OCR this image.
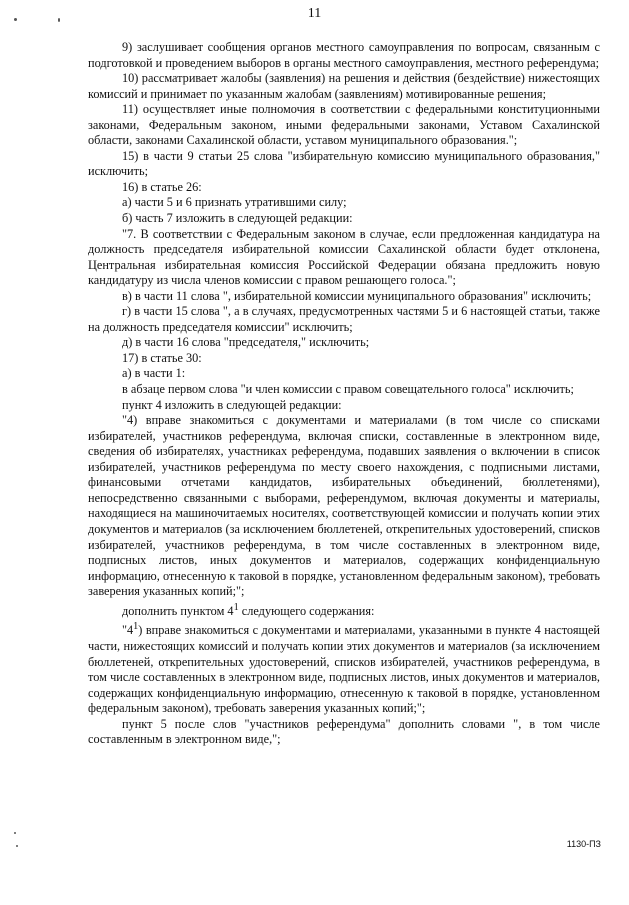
11

9) заслушивает сообщения органов местного самоуправления по вопросам, связанным с подготовкой и проведением выборов в органы местного самоуправления, местного референдума;

10) рассматривает жалобы (заявления) на решения и действия (бездействие) нижестоящих комиссий и принимает по указанным жалобам (заявлениям) мотивированные решения;

11) осуществляет иные полномочия в соответствии с федеральными конституционными законами, Федеральным законом, иными федеральными законами, Уставом Сахалинской области, законами Сахалинской области, уставом муниципального образования.";

15) в части 9 статьи 25 слова "избирательную комиссию муниципального образования," исключить;

16) в статье 26:

а) части 5 и 6 признать утратившими силу;

б) часть 7 изложить в следующей редакции:

"7. В соответствии с Федеральным законом в случае, если предложенная кандидатура на должность председателя избирательной комиссии Сахалинской области будет отклонена, Центральная избирательная комиссия Российской Федерации обязана предложить новую кандидатуру из числа членов комиссии с правом решающего голоса.";

в) в части 11 слова ", избирательной комиссии муниципального образования" исключить;

г) в части 15 слова ", а в случаях, предусмотренных частями 5 и 6 настоящей статьи, также на должность председателя комиссии" исключить;

д) в части 16 слова "председателя," исключить;

17) в статье 30:

а) в части 1:

в абзаце первом слова "и член комиссии с правом совещательного голоса" исключить;

пункт 4 изложить в следующей редакции:

"4) вправе знакомиться с документами и материалами (в том числе со списками избирателей, участников референдума, включая списки, составленные в электронном виде, сведения об избирателях, участниках референдума, подавших заявления о включении в список избирателей, участников референдума по месту своего нахождения, с подписными листами, финансовыми отчетами кандидатов, избирательных объединений, бюллетенями), непосредственно связанными с выборами, референдумом, включая документы и материалы, находящиеся на машиночитаемых носителях, соответствующей комиссии и получать копии этих документов и материалов (за исключением бюллетеней, открепительных удостоверений, списков избирателей, участников референдума, в том числе составленных в электронном виде, подписных листов, иных документов и материалов, содержащих конфиденциальную информацию, отнесенную к таковой в порядке, установленном федеральным законом), требовать заверения указанных копий;";

дополнить пунктом $4^1$ следующего содержания:

"$4^1$) вправе знакомиться с документами и материалами, указанными в пункте 4 настоящей части, нижестоящих комиссий и получать копии этих документов и материалов (за исключением бюллетеней, открепительных удостоверений, списков избирателей, участников референдума, в том числе составленных в электронном виде, подписных листов, иных документов и материалов, содержащих конфиденциальную информацию, отнесенную к таковой в порядке, установленном федеральным законом), требовать заверения указанных копий;";

пункт 5 после слов "участников референдума" дополнить словами ", в том числе составленным в электронном виде,";

1130-ПЗ
